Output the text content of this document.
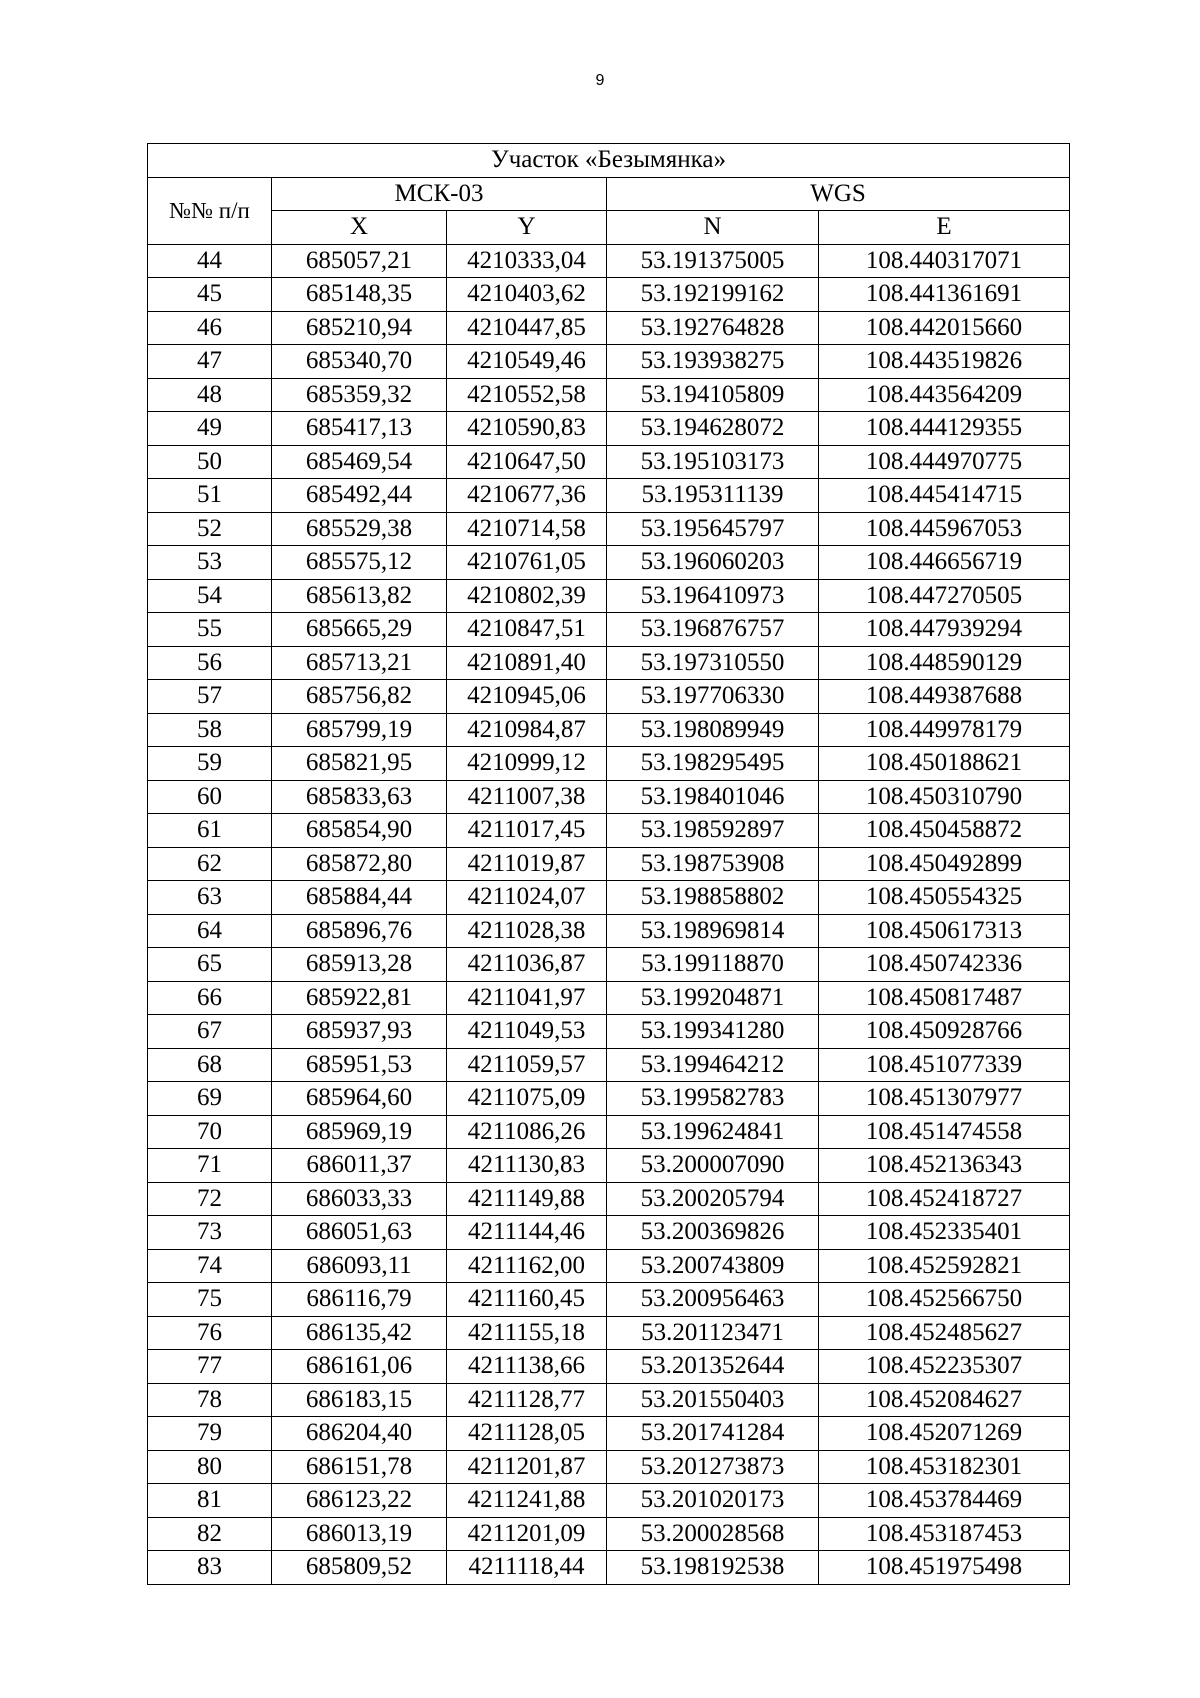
9
Участок «Безымянка»				
№№ п/п	МСК-03		WGS	
	X	Y	N	E
44	685057,21	4210333,04	53.191375005	108.440317071
45	685148,35	4210403,62	53.192199162	108.441361691
46	685210,94	4210447,85	53.192764828	108.442015660
47	685340,70	4210549,46	53.193938275	108.443519826
48	685359,32	4210552,58	53.194105809	108.443564209
49	685417,13	4210590,83	53.194628072	108.444129355
50	685469,54	4210647,50	53.195103173	108.444970775
51	685492,44	4210677,36	53.195311139	108.445414715
52	685529,38	4210714,58	53.195645797	108.445967053
53	685575,12	4210761,05	53.196060203	108.446656719
54	685613,82	4210802,39	53.196410973	108.447270505
55	685665,29	4210847,51	53.196876757	108.447939294
56	685713,21	4210891,40	53.197310550	108.448590129
57	685756,82	4210945,06	53.197706330	108.449387688
58	685799,19	4210984,87	53.198089949	108.449978179
59	685821,95	4210999,12	53.198295495	108.450188621
60	685833,63	4211007,38	53.198401046	108.450310790
61	685854,90	4211017,45	53.198592897	108.450458872
62	685872,80	4211019,87	53.198753908	108.450492899
63	685884,44	4211024,07	53.198858802	108.450554325
64	685896,76	4211028,38	53.198969814	108.450617313
65	685913,28	4211036,87	53.199118870	108.450742336
66	685922,81	4211041,97	53.199204871	108.450817487
67	685937,93	4211049,53	53.199341280	108.450928766
68	685951,53	4211059,57	53.199464212	108.451077339
69	685964,60	4211075,09	53.199582783	108.451307977
70	685969,19	4211086,26	53.199624841	108.451474558
71	686011,37	4211130,83	53.200007090	108.452136343
72	686033,33	4211149,88	53.200205794	108.452418727
73	686051,63	4211144,46	53.200369826	108.452335401
74	686093,11	4211162,00	53.200743809	108.452592821
75	686116,79	4211160,45	53.200956463	108.452566750
76	686135,42	4211155,18	53.201123471	108.452485627
77	686161,06	4211138,66	53.201352644	108.452235307
78	686183,15	4211128,77	53.201550403	108.452084627
79	686204,40	4211128,05	53.201741284	108.452071269
80	686151,78	4211201,87	53.201273873	108.453182301
81	686123,22	4211241,88	53.201020173	108.453784469
82	686013,19	4211201,09	53.200028568	108.453187453
83	685809,52	4211118,44	53.198192538	108.451975498
